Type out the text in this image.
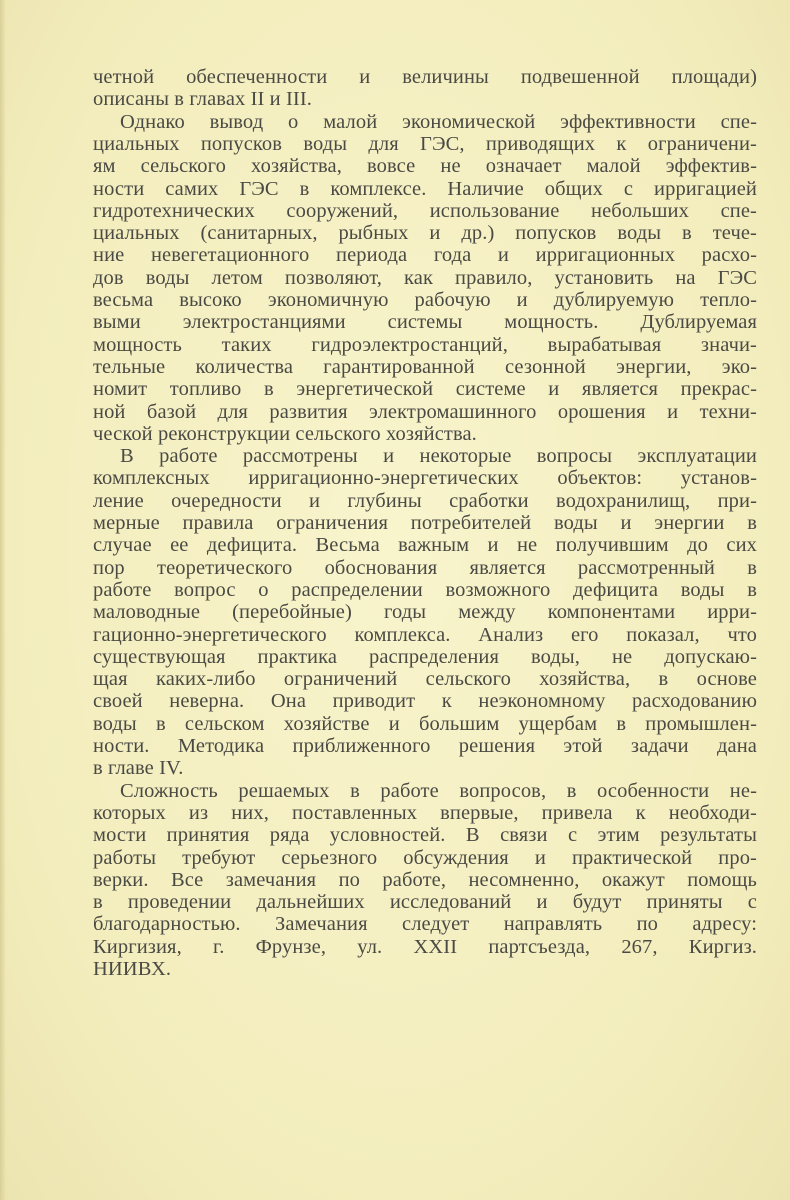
четной обеспеченности и величины подвешенной площади)
описаны в главах II и III.
Однако вывод о малой экономической эффективности спе-
циальных попусков воды для ГЭС, приводящих к ограничени-
ям сельского хозяйства, вовсе не означает малой эффектив-
ности самих ГЭС в комплексе. Наличие общих с ирригацией
гидротехнических сооружений, использование небольших спе-
циальных (санитарных, рыбных и др.) попусков воды в тече-
ние невегетационного периода года и ирригационных расхо-
дов воды летом позволяют, как правило, установить на ГЭС
весьма высоко экономичную рабочую и дублируемую тепло-
выми электростанциями системы мощность. Дублируемая
мощность таких гидроэлектростанций, вырабатывая значи-
тельные количества гарантированной сезонной энергии, эко-
номит топливо в энергетической системе и является прекрас-
ной базой для развития электромашинного орошения и техни-
ческой реконструкции сельского хозяйства.
В работе рассмотрены и некоторые вопросы эксплуатации
комплексных ирригационно-энергетических объектов: установ-
ление очередности и глубины сработки водохранилищ, при-
мерные правила ограничения потребителей воды и энергии в
случае ее дефицита. Весьма важным и не получившим до сих
пор теоретического обоснования является рассмотренный в
работе вопрос о распределении возможного дефицита воды в
маловодные (перебойные) годы между компонентами ирри-
гационно-энергетического комплекса. Анализ его показал, что
существующая практика распределения воды, не допускаю-
щая каких-либо ограничений сельского хозяйства, в основе
своей неверна. Она приводит к неэкономному расходованию
воды в сельском хозяйстве и большим ущербам в промышлен-
ности. Методика приближенного решения этой задачи дана
в главе IV.
Сложность решаемых в работе вопросов, в особенности не-
которых из них, поставленных впервые, привела к необходи-
мости принятия ряда условностей. В связи с этим результаты
работы требуют серьезного обсуждения и практической про-
верки. Все замечания по работе, несомненно, окажут помощь
в проведении дальнейших исследований и будут приняты с
благодарностью. Замечания следует направлять по адресу:
Киргизия, г. Фрунзе, ул. XXII партсъезда, 267, Киргиз.
НИИВХ.
